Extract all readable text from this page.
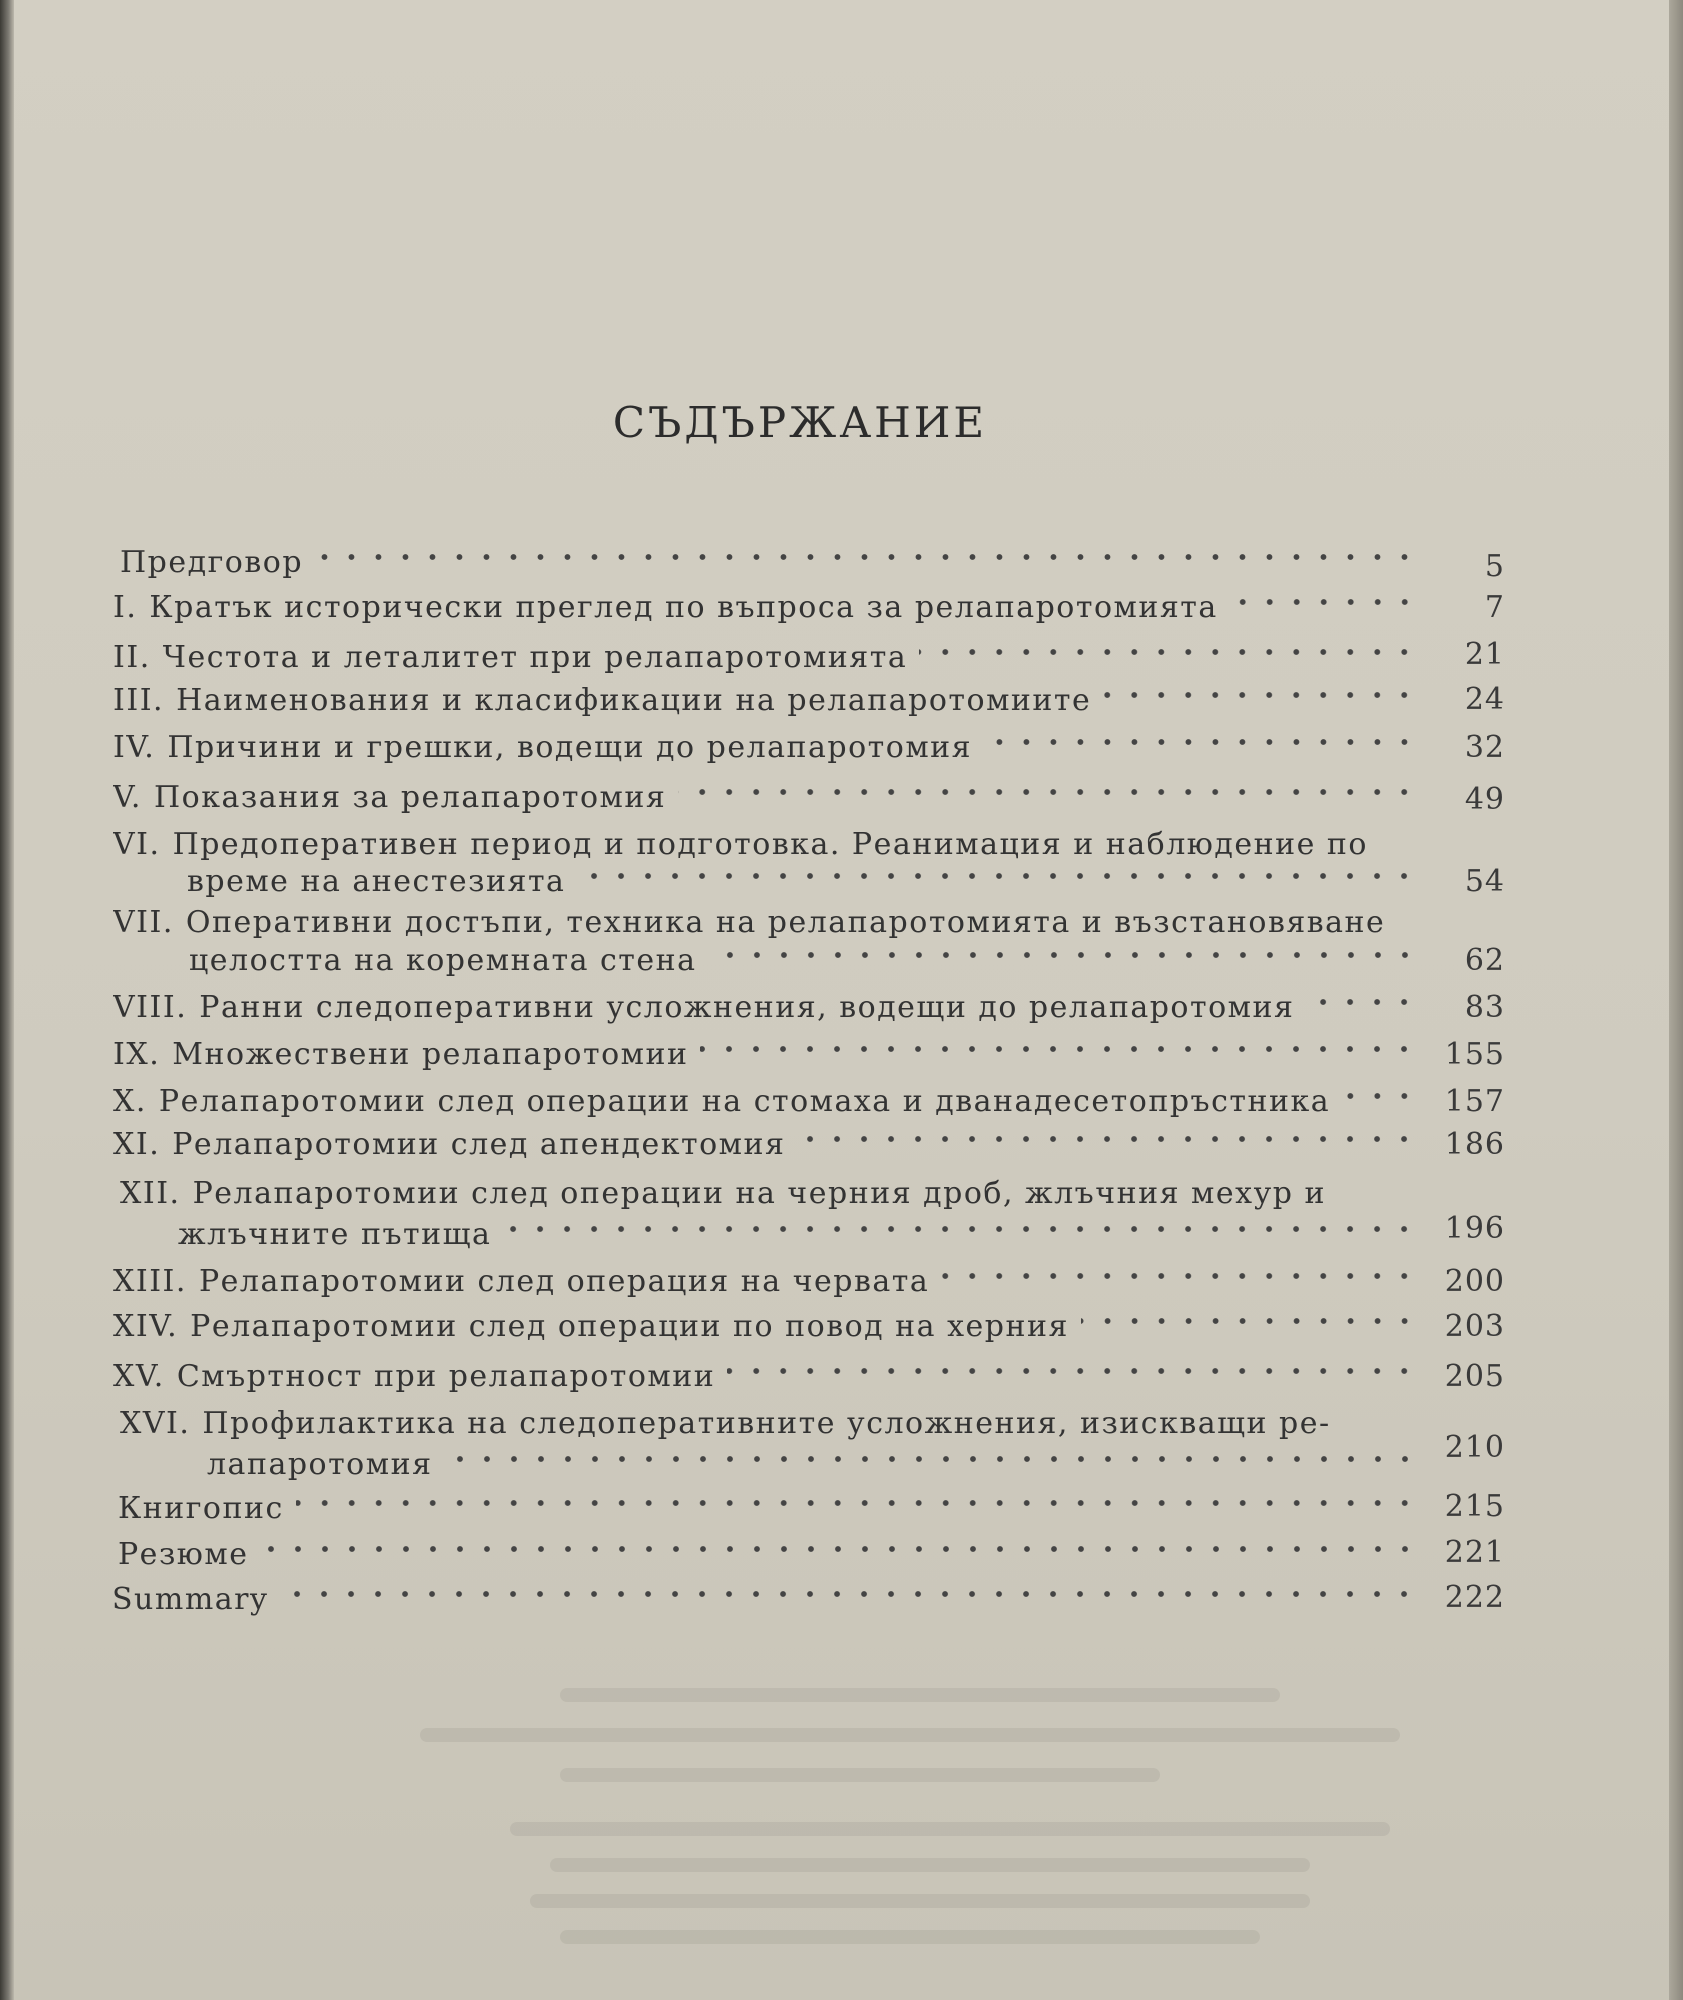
СЪДЪРЖАНИЕ
Предговор	5
I. Кратък исторически преглед по въпроса за релапаротомията	7
II. Честота и леталитет при релапаротомията	21
III. Наименования и класификации на релапаротомиите	24
IV. Причини и грешки, водещи до релапаротомия	32
V. Показания за релапаротомия	49
VI. Предоперативен период и подготовка. Реанимация и наблюдение по
време на анестезията	54
VII. Оперативни достъпи, техника на релапаротомията и възстановяване
целостта на коремната стена	62
VIII. Ранни следоперативни усложнения, водещи до релапаротомия	83
IX. Множествени релапаротомии	155
X. Релапаротомии след операции на стомаха и дванадесетопръстника	157
XI. Релапаротомии след апендектомия	186
XII. Релапаротомии след операции на черния дроб, жлъчния мехур и
жлъчните пътища	196
XIII. Релапаротомии след операция на червата	200
XIV. Релапаротомии след операции по повод на херния	203
XV. Смъртност при релапаротомии	205
XVI. Профилактика на следоперативните усложнения, изискващи ре-
лапаротомия	210
Книгопис	215
Резюме	221
Summary	222
